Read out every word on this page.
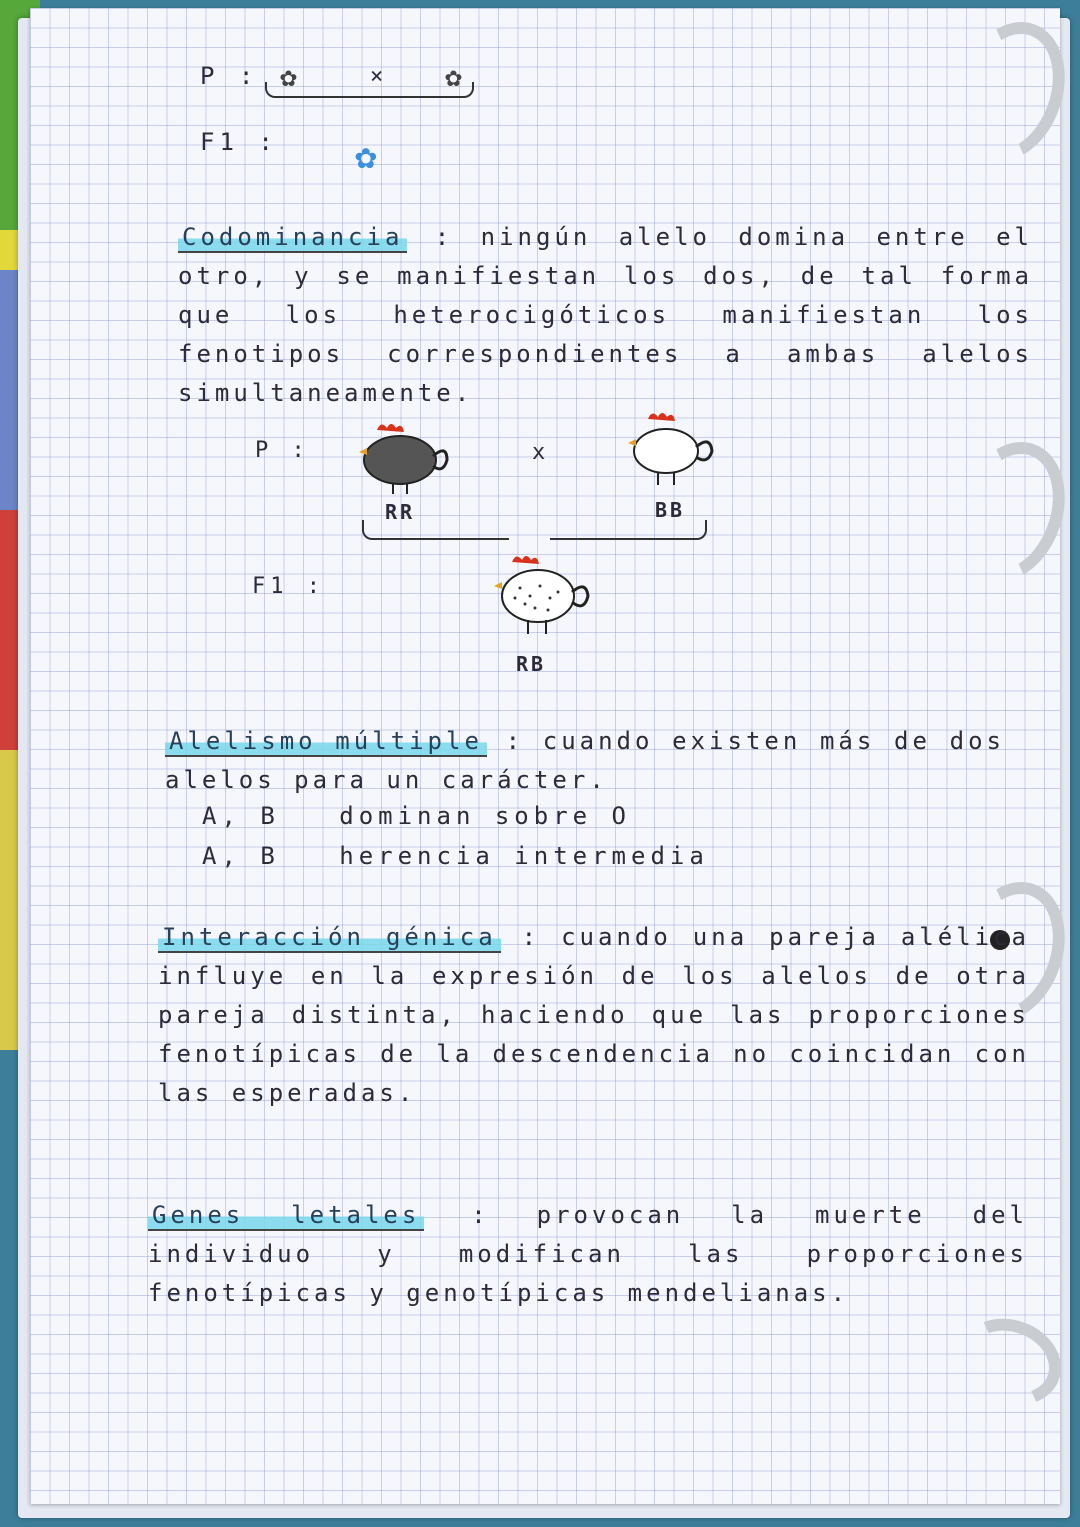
P : ✿	× ✿
F1 : ✿
Codominancia : ningún alelo domina entre el otro, y se manifiestan los dos, de tal forma que los heterocigóticos manifiestan los fenotipos correspondientes a ambas alelos simultaneamente.
P :
RR
x
BB
F1 :
RB
Alelismo múltiple : cuando existen más de dos alelos para un carácter.
A, B dominan sobre O
A, B herencia intermedia
Interacción génica : cuando una pareja alélica influye en la expresión de los alelos de otra pareja distinta, haciendo que las proporciones fenotípicas de la descendencia no coincidan con las esperadas.
Genes letales : provocan la muerte del individuo y modifican las proporciones fenotípicas y genotípicas mendelianas.
